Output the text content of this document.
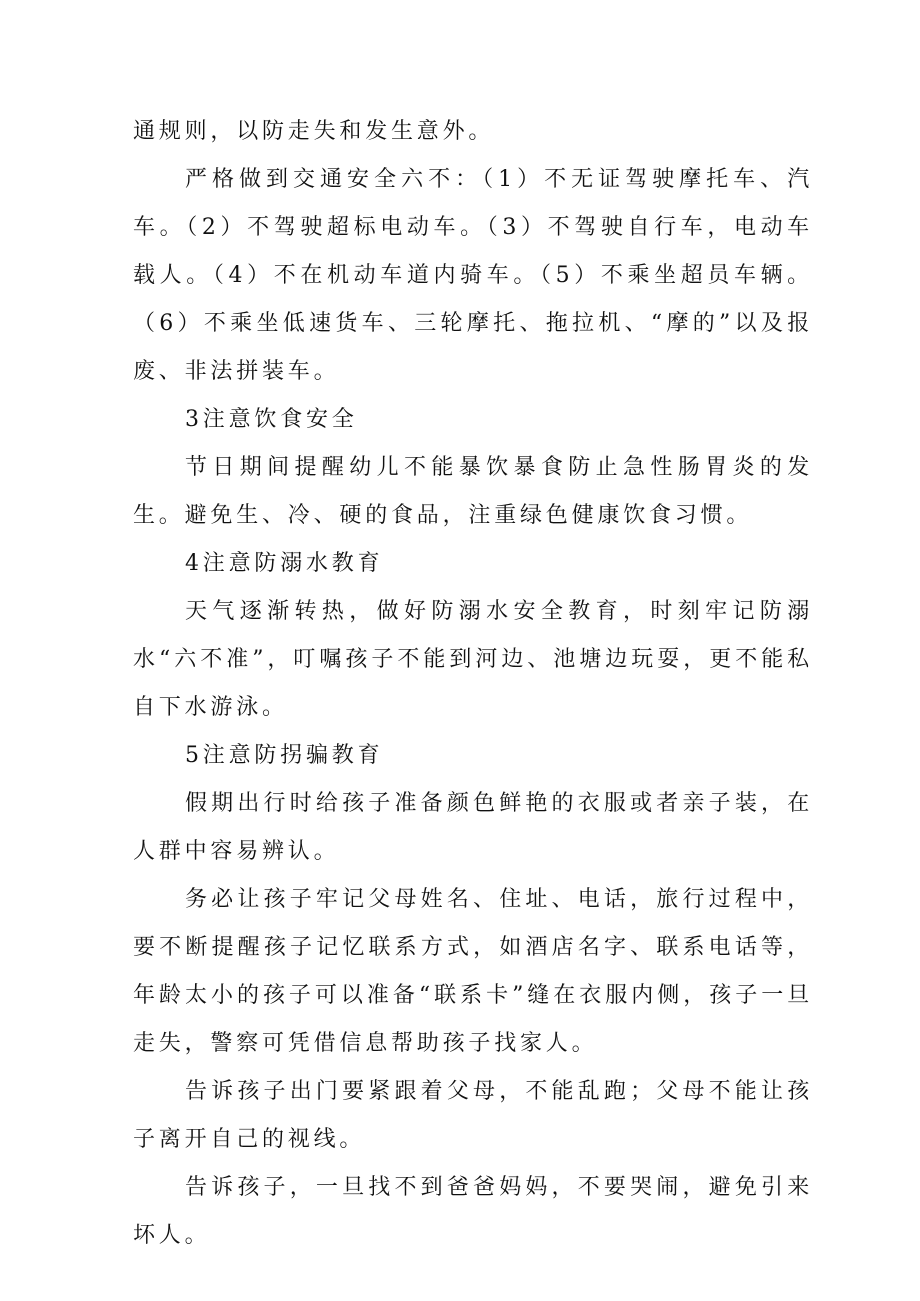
通规则，以防走失和发生意外。

严格做到交通安全六不：（1）不无证驾驶摩托车、汽车。（2）不驾驶超标电动车。（3）不驾驶自行车，电动车载人。（4）不在机动车道内骑车。（5）不乘坐超员车辆。（6）不乘坐低速货车、三轮摩托、拖拉机、“摩的”以及报废、非法拼装车。

3注意饮食安全

节日期间提醒幼儿不能暴饮暴食防止急性肠胃炎的发生。避免生、冷、硬的食品，注重绿色健康饮食习惯。

4注意防溺水教育

天气逐渐转热，做好防溺水安全教育，时刻牢记防溺水“六不准”，叮嘱孩子不能到河边、池塘边玩耍，更不能私自下水游泳。

5注意防拐骗教育

假期出行时给孩子准备颜色鲜艳的衣服或者亲子装，在人群中容易辨认。

务必让孩子牢记父母姓名、住址、电话，旅行过程中，要不断提醒孩子记忆联系方式，如酒店名字、联系电话等，年龄太小的孩子可以准备“联系卡”缝在衣服内侧，孩子一旦走失，警察可凭借信息帮助孩子找家人。

告诉孩子出门要紧跟着父母，不能乱跑；父母不能让孩子离开自己的视线。

告诉孩子，一旦找不到爸爸妈妈，不要哭闹，避免引来坏人。
